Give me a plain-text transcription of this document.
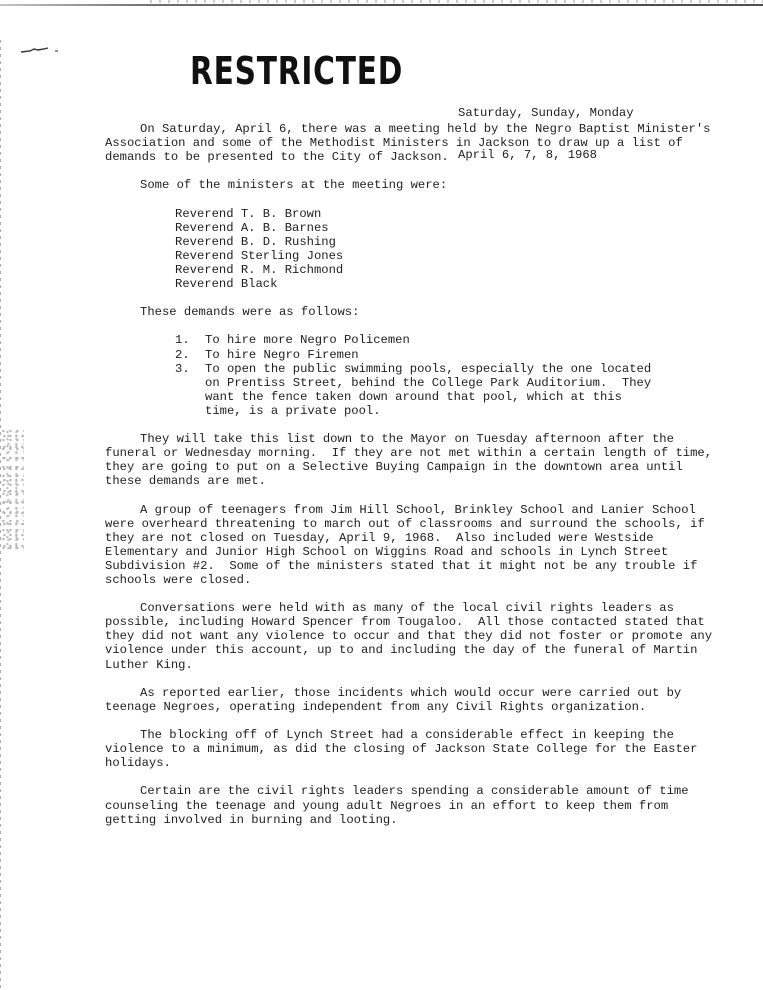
RESTRICTED

Saturday, Sunday, Monday

April 6, 7, 8, 1968

On Saturday, April 6, there was a meeting held by the Negro Baptist Minister's Association and some of the Methodist Ministers in Jackson to draw up a list of demands to be presented to the City of Jackson.

Some of the ministers at the meeting were:

Reverend T. B. Brown
Reverend A. B. Barnes
Reverend B. D. Rushing
Reverend Sterling Jones
Reverend R. M. Richmond
Reverend Black

These demands were as follows:

1.	To hire more Negro Policemen
2.	To hire Negro Firemen
3.	To open the public swimming pools, especially the one located on Prentiss Street, behind the College Park Auditorium.  They want the fence taken down around that pool, which at this time, is a private pool.

They will take this list down to the Mayor on Tuesday afternoon after the funeral or Wednesday morning.  If they are not met within a certain length of time, they are going to put on a Selective Buying Campaign in the downtown area until these demands are met.

A group of teenagers from Jim Hill School, Brinkley School and Lanier School were overheard threatening to march out of classrooms and surround the schools, if they are not closed on Tuesday, April 9, 1968.  Also included were Westside Elementary and Junior High School on Wiggins Road and schools in Lynch Street Subdivision #2.  Some of the ministers stated that it might not be any trouble if schools were closed.

Conversations were held with as many of the local civil rights leaders as possible, including Howard Spencer from Tougaloo.  All those contacted stated that they did not want any violence to occur and that they did not foster or promote any violence under this account, up to and including the day of the funeral of Martin Luther King.

As reported earlier, those incidents which would occur were carried out by teenage Negroes, operating independent from any Civil Rights organization.

The blocking off of Lynch Street had a considerable effect in keeping the violence to a minimum, as did the closing of Jackson State College for the Easter holidays.

Certain are the civil rights leaders spending a considerable amount of time counseling the teenage and young adult Negroes in an effort to keep them from getting involved in burning and looting.
